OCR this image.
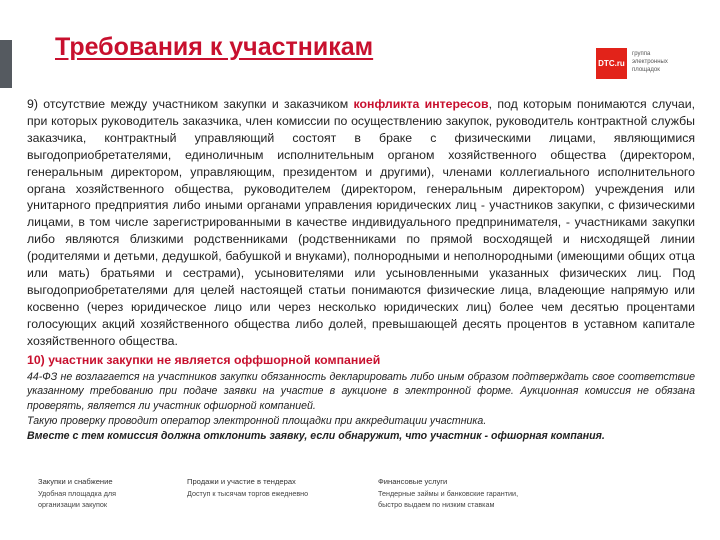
Требования к участникам
DTC.ru
группа
электронных
площадок

9) отсутствие между участником закупки и заказчиком конфликта интересов, под которым понимаются случаи, при которых руководитель заказчика, член комиссии по осуществлению закупок, руководитель контрактной службы заказчика, контрактный управляющий состоят в браке с физическими лицами, являющимися выгодоприобретателями, единоличным исполнительным органом хозяйственного общества (директором, генеральным директором, управляющим, президентом и другими), членами коллегиального исполнительного органа хозяйственного общества, руководителем (директором, генеральным директором) учреждения или унитарного предприятия либо иными органами управления юридических лиц - участников закупки, с физическими лицами, в том числе зарегистрированными в качестве индивидуального предпринимателя, - участниками закупки либо являются близкими родственниками (родственниками по прямой восходящей и нисходящей линии (родителями и детьми, дедушкой, бабушкой и внуками), полнородными и неполнородными (имеющими общих отца или мать) братьями и сестрами), усыновителями или усыновленными указанных физических лиц. Под выгодоприобретателями для целей настоящей статьи понимаются физические лица, владеющие напрямую или косвенно (через юридическое лицо или через несколько юридических лиц) более чем десятью процентами голосующих акций хозяйственного общества либо долей, превышающей десять процентов в уставном капитале хозяйственного общества.

10) участник закупки не является оффшорной компанией

44-ФЗ не возлагается на участников закупки обязанность декларировать либо иным образом подтверждать свое соответствие указанному требованию при подаче заявки на участие в аукционе в электронной форме. Аукционная комиссия не обязана проверять, является ли участник офшорной компанией.
Такую проверку проводит оператор электронной площадки при аккредитации участника.
Вместе с тем комиссия должна отклонить заявку, если обнаружит, что участник - офшорная компания.

Закупки и снабжение
Удобная площадка для
организации закупок
Продажи и участие в тендерах
Доступ к тысячам торгов ежедневно
Финансовые услуги
Тендерные займы и банковские гарантии,
быстро выдаем по низким ставкам
